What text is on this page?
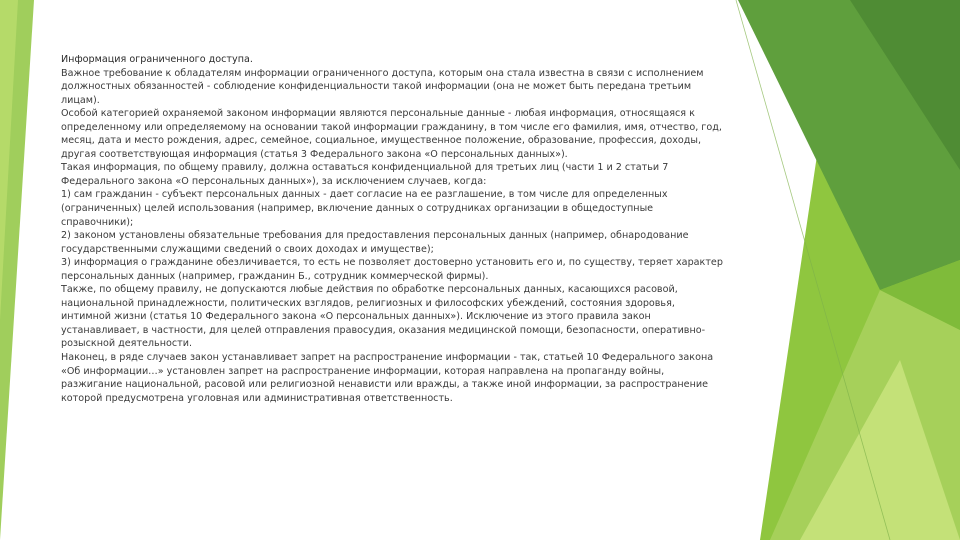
Информация ограниченного доступа.

Важное требование к обладателям информации ограниченного доступа, которым она стала известна в связи с исполнением должностных обязанностей - соблюдение конфиденциальности такой информации (она не может быть передана третьим лицам).

Особой категорией охраняемой законом информации являются персональные данные - любая информация, относящаяся к определенному или определяемому на основании такой информации гражданину, в том числе его фамилия, имя, отчество, год, месяц, дата и место рождения, адрес, семейное, социальное, имущественное положение, образование, профессия, доходы, другая соответствующая информация (статья 3 Федерального закона «О персональных данных»).

Такая информация, по общему правилу, должна оставаться конфиденциальной для третьих лиц (части 1 и 2 статьи 7 Федерального закона «О персональных данных»), за исключением случаев, когда:

1) сам гражданин - субъект персональных данных - дает согласие на ее разглашение, в том числе для определенных (ограниченных) целей использования (например, включение данных о сотрудниках организации в общедоступные справочники);

2) законом установлены обязательные требования для предоставления персональных данных (например, обнародование государственными служащими сведений о своих доходах и имуществе);

3) информация о гражданине обезличивается, то есть не позволяет достоверно установить его и, по существу, теряет характер персональных данных (например, гражданин Б., сотрудник коммерческой фирмы).

Также, по общему правилу, не допускаются любые действия по обработке персональных данных, касающихся расовой, национальной принадлежности, политических взглядов, религиозных и философских убеждений, состояния здоровья, интимной жизни (статья 10 Федерального закона «О персональных данных»). Исключение из этого правила закон устанавливает, в частности, для целей отправления правосудия, оказания медицинской помощи, безопасности, оперативно-розыскной деятельности.

Наконец, в ряде случаев закон устанавливает запрет на распространение информации - так, статьей 10 Федерального закона «Об информации…» установлен запрет на распространение информации, которая направлена на пропаганду войны, разжигание национальной, расовой или религиозной ненависти или вражды, а также иной информации, за распространение которой предусмотрена уголовная или административная ответственность.
